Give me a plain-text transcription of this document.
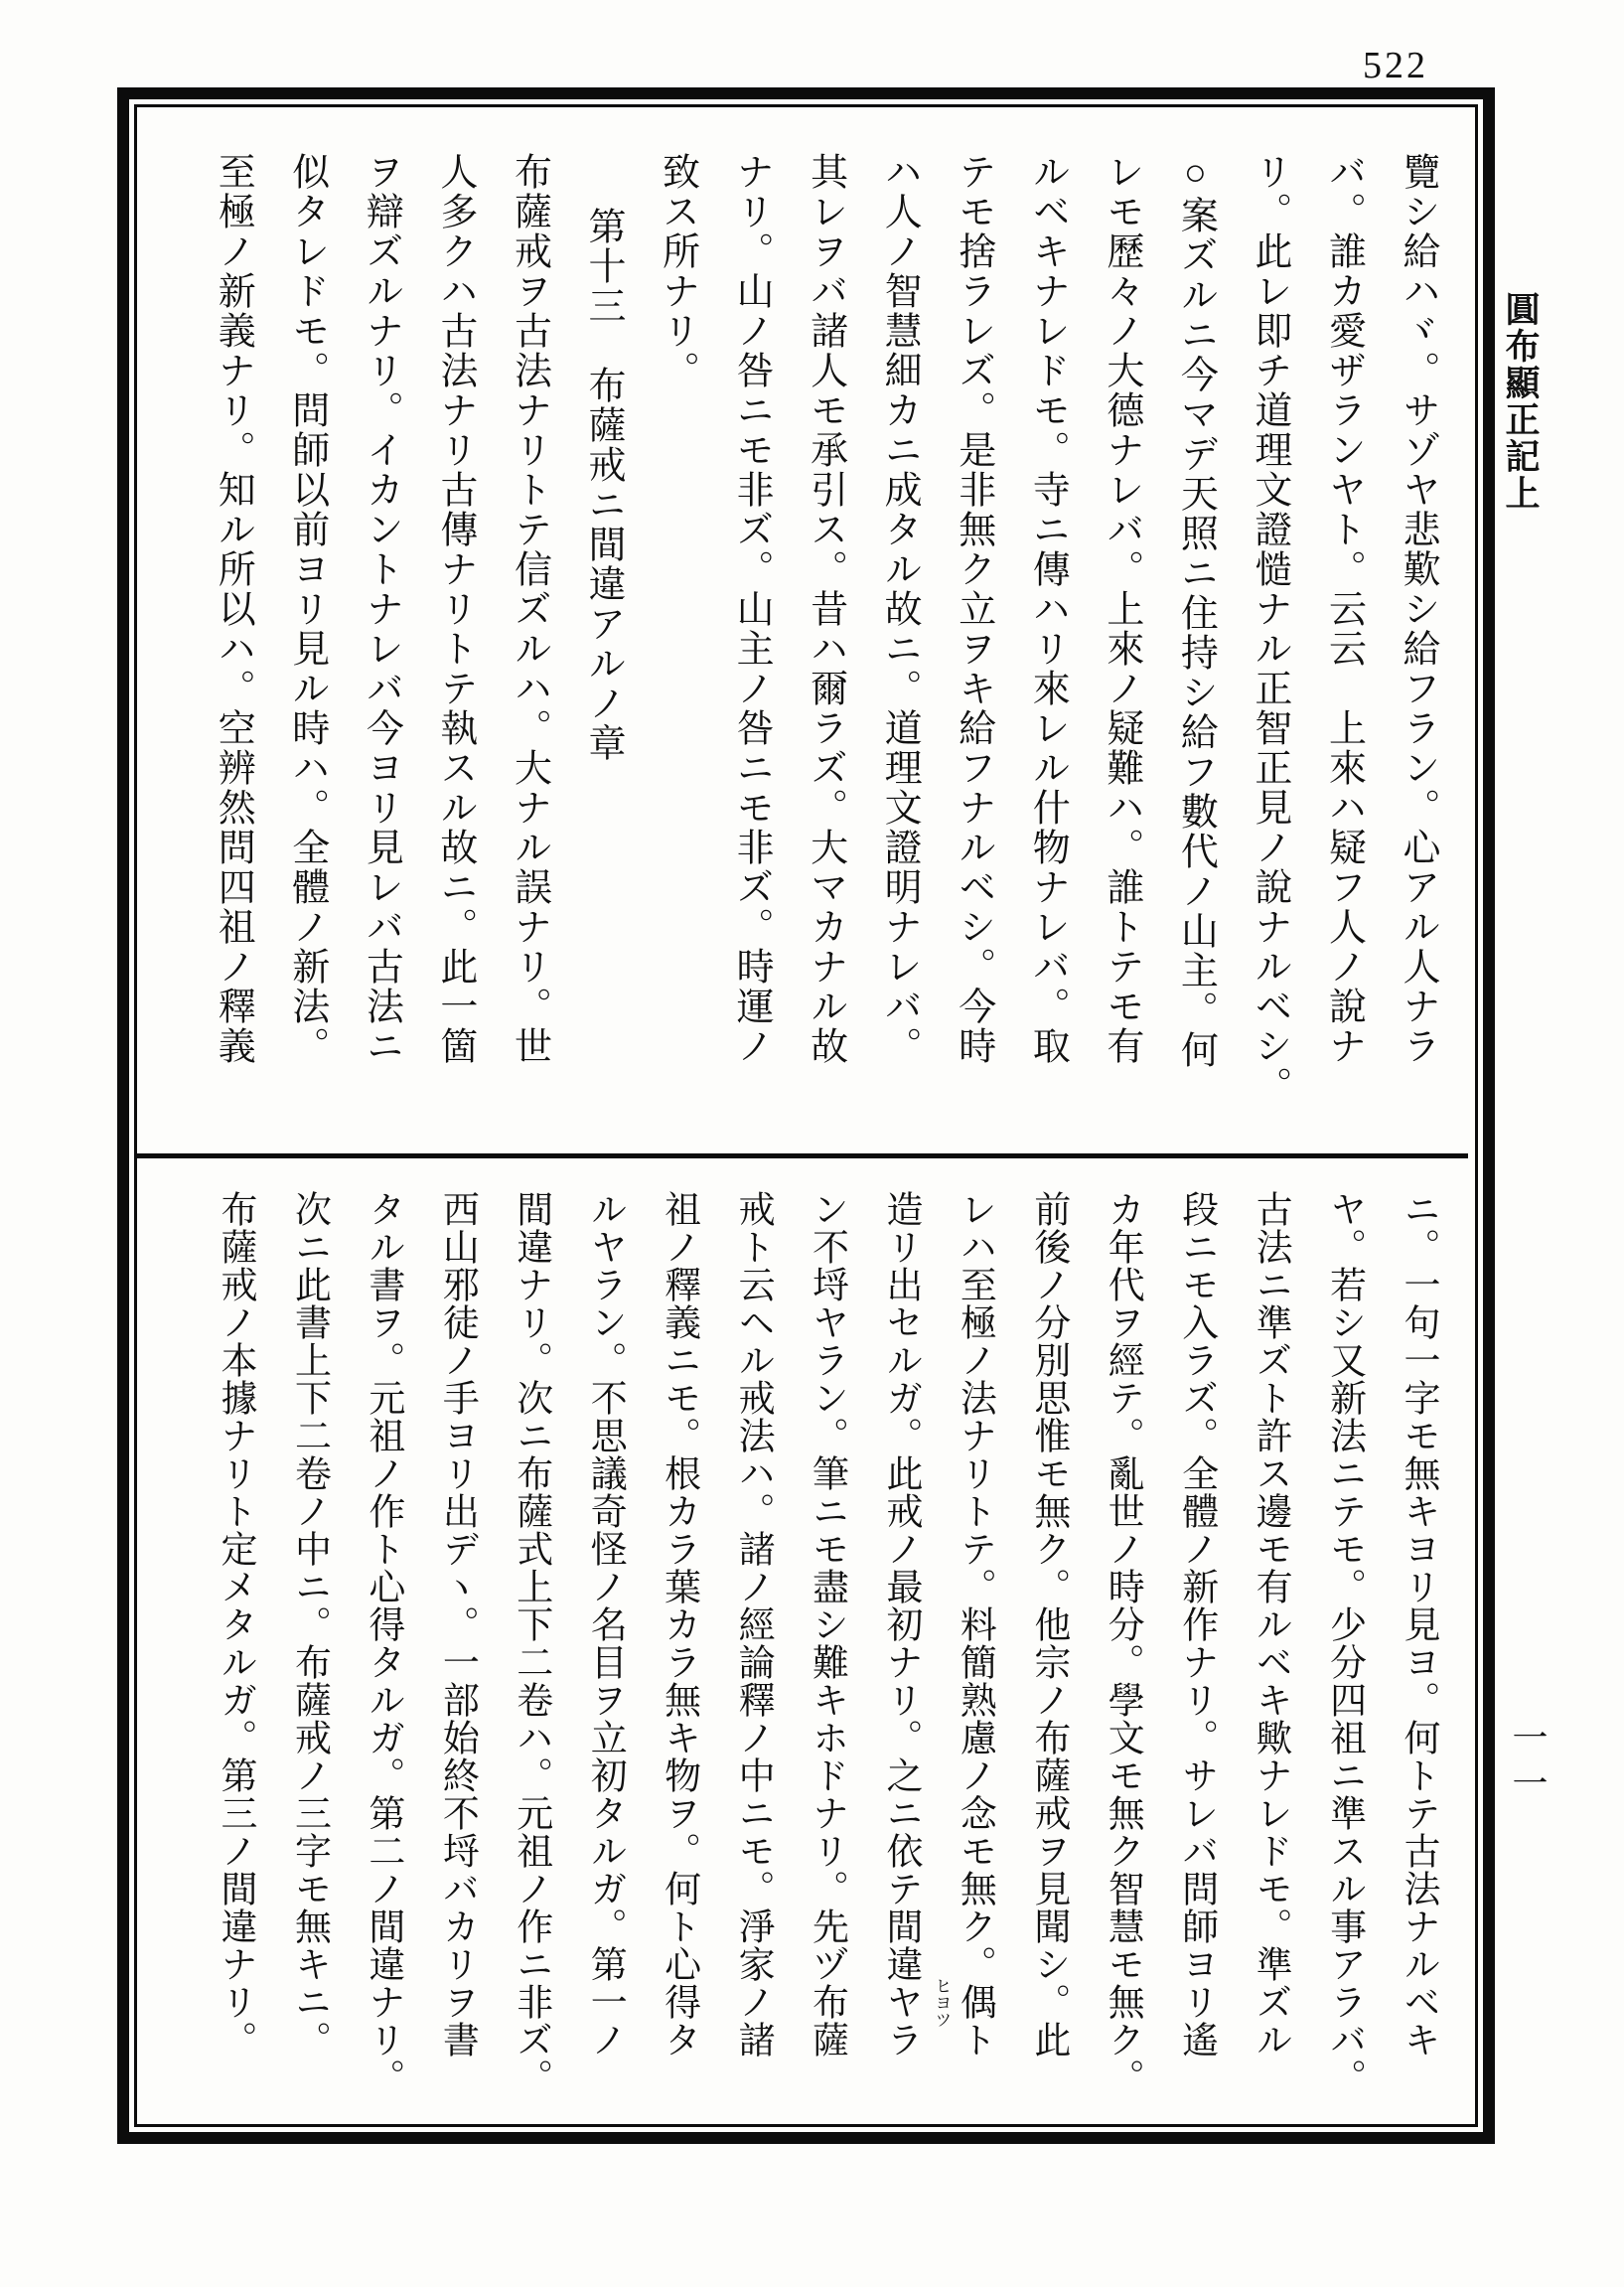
522
圓布顯正記上
一一
覽シ給ハヾ。サゾヤ悲歎シ給フラン。心アル人ナラ
バ。誰カ愛ザランヤト。云云　上來ハ疑フ人ノ說ナ
リ。此レ即チ道理文證慥ナル正智正見ノ說ナルベシ。
○案ズルニ今マデ天照ニ住持シ給フ數代ノ山主。何
レモ歷々ノ大德ナレバ。上來ノ疑難ハ。誰トテモ有
ルベキナレドモ。寺ニ傳ハリ來レル什物ナレバ。取
テモ捨ラレズ。是非無ク立ヲキ給フナルベシ。今時
ハ人ノ智慧細カニ成タル故ニ。道理文證明ナレバ。
其レヲバ諸人モ承引ス。昔ハ爾ラズ。大マカナル故
ナリ。山ノ咎ニモ非ズ。山主ノ咎ニモ非ズ。時運ノ
致ス所ナリ。
第十三　布薩戒ニ間違アルノ章
布薩戒ヲ古法ナリトテ信ズルハ。大ナル誤ナリ。世
人多クハ古法ナリ古傳ナリトテ執スル故ニ。此一箇
ヲ辯ズルナリ。イカントナレバ今ヨリ見レバ古法ニ
似タレドモ。問師以前ヨリ見ル時ハ。全體ノ新法。
至極ノ新義ナリ。知ル所以ハ。空辨然問四祖ノ釋義
ニ。一句一字モ無キヨリ見ヨ。何トテ古法ナルベキ
ヤ。若シ又新法ニテモ。少分四祖ニ準スル事アラバ。
古法ニ準ズト許ス邊モ有ルベキ歟ナレドモ。準ズル
段ニモ入ラズ。全體ノ新作ナリ。サレバ問師ヨリ遙
カ年代ヲ經テ。亂世ノ時分。學文モ無ク智慧モ無ク。
前後ノ分別思惟モ無ク。他宗ノ布薩戒ヲ見聞シ。此
レハ至極ノ法ナリトテ。料簡熟慮ノ念モ無ク。偶ト
ヒヨツ
造リ出セルガ。此戒ノ最初ナリ。之ニ依テ間違ヤラ
ン不埒ヤラン。筆ニモ盡シ難キホドナリ。先ヅ布薩
戒ト云ヘル戒法ハ。諸ノ經論釋ノ中ニモ。淨家ノ諸
祖ノ釋義ニモ。根カラ葉カラ無キ物ヲ。何ト心得タ
ルヤラン。不思議奇怪ノ名目ヲ立初タルガ。第一ノ
間違ナリ。次ニ布薩式上下二卷ハ。元祖ノ作ニ非ズ。
西山邪徒ノ手ヨリ出デヽ。一部始終不埒バカリヲ書
タル書ヲ。元祖ノ作ト心得タルガ。第二ノ間違ナリ。
次ニ此書上下二卷ノ中ニ。布薩戒ノ三字モ無キニ。
布薩戒ノ本據ナリト定メタルガ。第三ノ間違ナリ。
